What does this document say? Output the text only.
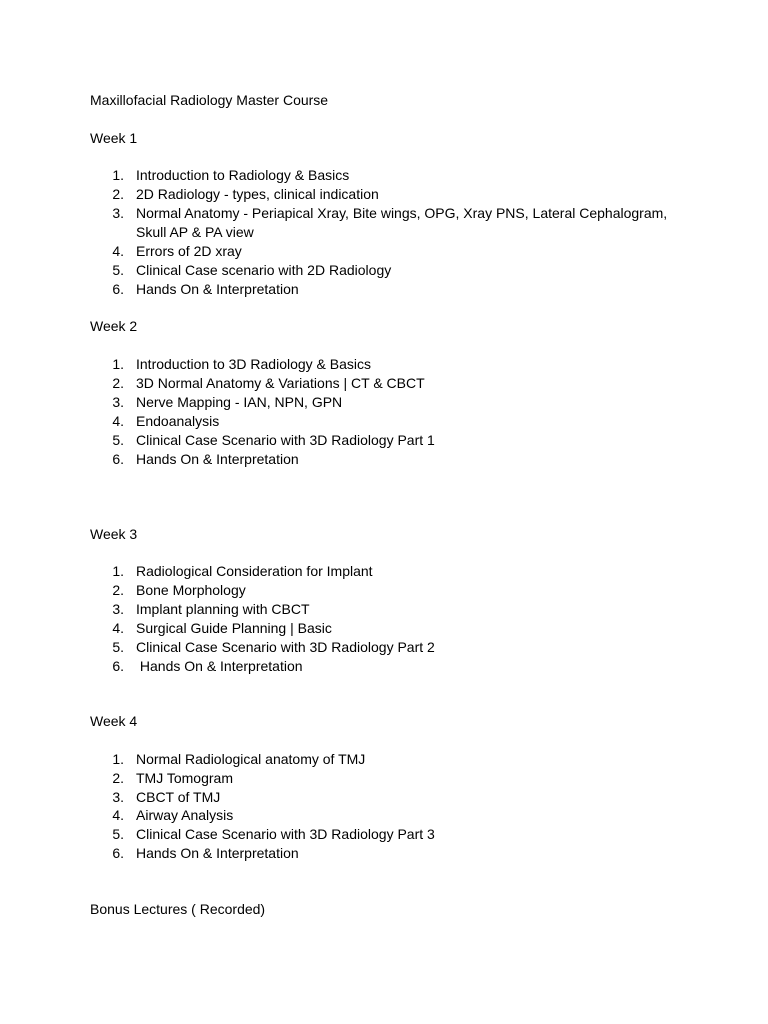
Maxillofacial Radiology Master Course
Week 1
1. Introduction to Radiology & Basics
2. 2D Radiology - types, clinical indication
3. Normal Anatomy - Periapical Xray, Bite wings, OPG, Xray PNS, Lateral Cephalogram,
Skull AP & PA view
4. Errors of 2D xray
5. Clinical Case scenario with 2D Radiology
6. Hands On & Interpretation
Week 2
1. Introduction to 3D Radiology & Basics
2. 3D Normal Anatomy & Variations | CT & CBCT
3. Nerve Mapping - IAN, NPN, GPN
4. Endoanalysis
5. Clinical Case Scenario with 3D Radiology Part 1
6. Hands On & Interpretation
Week 3
1. Radiological Consideration for Implant
2. Bone Morphology
3. Implant planning with CBCT
4. Surgical Guide Planning | Basic
5. Clinical Case Scenario with 3D Radiology Part 2
6. Hands On & Interpretation
Week 4
1. Normal Radiological anatomy of TMJ
2. TMJ Tomogram
3. CBCT of TMJ
4. Airway Analysis
5. Clinical Case Scenario with 3D Radiology Part 3
6. Hands On & Interpretation
Bonus Lectures ( Recorded)
